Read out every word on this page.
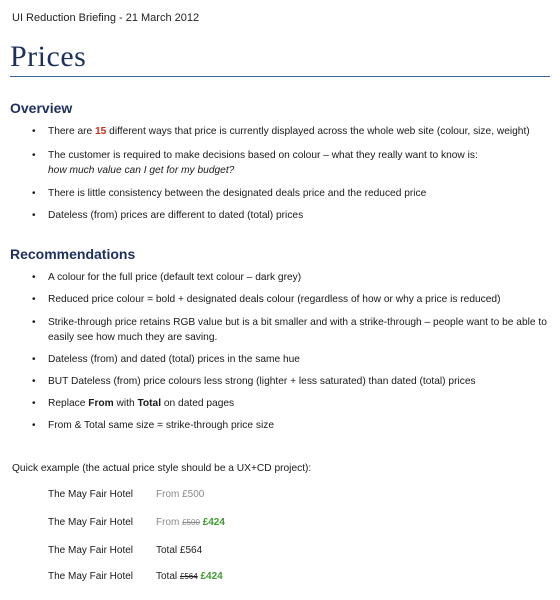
UI Reduction Briefing - 21 March 2012
Prices
Overview
• There are 15 different ways that price is currently displayed across the whole web site (colour, size, weight)
• The customer is required to make decisions based on colour – what they really want to know is:
how much value can I get for my budget?
• There is little consistency between the designated deals price and the reduced price
• Dateless (from) prices are different to dated (total) prices
Recommendations
• A colour for the full price (default text colour – dark grey)
• Reduced price colour = bold + designated deals colour (regardless of how or why a price is reduced)
• Strike-through price retains RGB value but is a bit smaller and with a strike-through – people want to be able to easily see how much they are saving.
• Dateless (from) and dated (total) prices in the same hue
• BUT Dateless (from) price colours less strong (lighter + less saturated) than dated (total) prices
• Replace From with Total on dated pages
• From & Total same size = strike-through price size
Quick example (the actual price style should be a UX+CD project):
The May Fair Hotel From £500
The May Fair Hotel From £500 £424
The May Fair Hotel Total £564
The May Fair Hotel Total £564 £424
